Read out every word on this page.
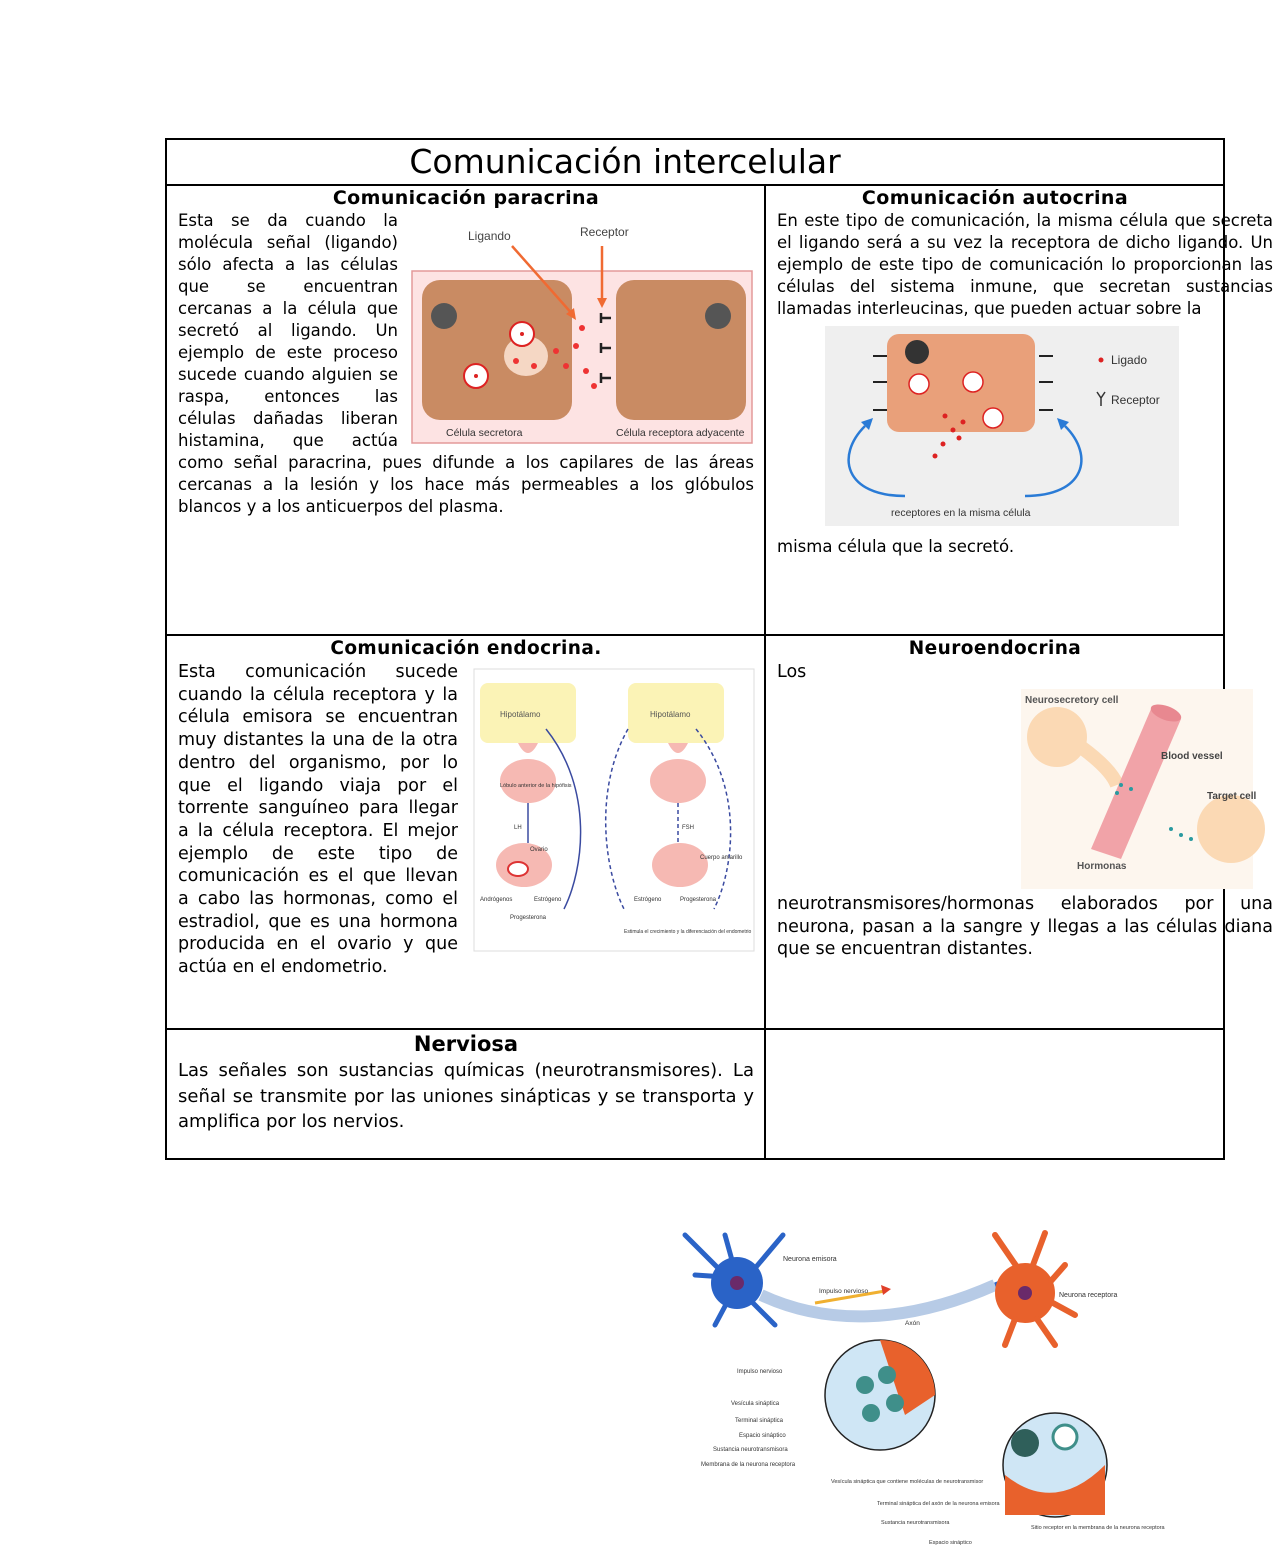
Comunicación intercelular

Comunicación paracrina

Ligando	Receptor
Célula secretora	Célula receptora adyacente

Esta se da cuando la molécula señal (ligando) sólo afecta a las células que se encuentran cercanas a la célula que secretó al ligando. Un ejemplo de este proceso sucede cuando alguien se raspa, entonces las células dañadas liberan histamina, que actúa como señal paracrina, pues difunde a los capilares de las áreas cercanas a la lesión y los hace más permeables a los glóbulos blancos y a los anticuerpos del plasma.

Comunicación autocrina

En este tipo de comunicación, la misma célula que secreta el ligando será a su vez la receptora de dicho ligando. Un ejemplo de este tipo de comunicación lo proporcionan las células del sistema inmune, que secretan sustancias llamadas interleucinas, que pueden actuar sobre la

Ligado
Receptor
receptores en la misma célula

misma célula que la secretó.

Comunicación endocrina.

Hipotálamo	Hipotálamo
Lóbulo anterior de la hipófisis
LH	FSH
Ovario
Cuerpo amarillo
Andrógenos	Estrógeno
Progesterona
Estrógeno	Progesterona
Estimula el crecimiento y la diferenciación del endometrio

Esta comunicación sucede cuando la célula receptora y la célula emisora se encuentran muy distantes la una de la otra dentro del organismo, por lo que el ligando viaja por el torrente sanguíneo para llegar a la célula receptora. El mejor ejemplo de este tipo de comunicación es el que llevan a cabo las hormonas, como el estradiol, que es una hormona producida en el ovario y que actúa en el endometrio.

Neuroendocrina

Neurosecretory cell
Blood vessel
Target cell
Hormonas

Los neurotransmisores/hormonas elaborados por una neurona, pasan a la sangre y llegas a las células diana que se encuentran distantes.

Nerviosa

Las señales son sustancias químicas (neurotransmisores). La señal se transmite por las uniones sinápticas y se transporta y amplifica por los nervios.

Neurona emisora
Impulso nervioso
Axón
Neurona receptora
Impulso nervioso
Vesícula sináptica
Terminal sináptica
Espacio sináptico
Sustancia neurotransmisora
Membrana de la neurona receptora
Vesícula sináptica que contiene moléculas de neurotransmisor
Terminal sináptica del axón de la neurona emisora
Sustancia neurotransmisora
Espacio sináptico
Sitio receptor en la membrana de la neurona receptora
